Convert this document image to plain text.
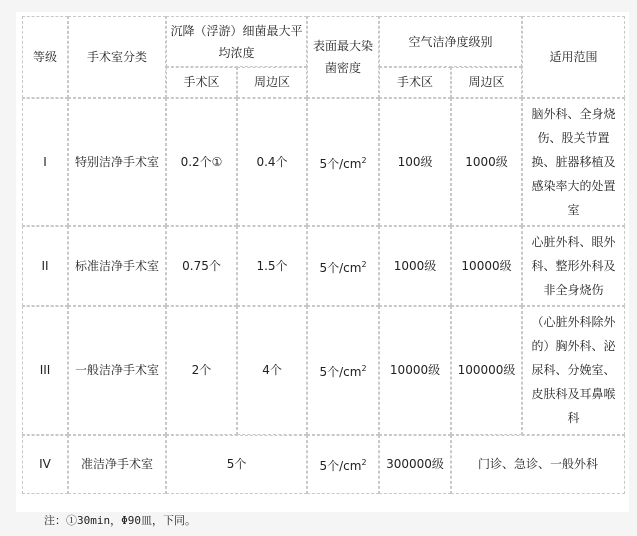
等级	手术室分类	沉降（浮游）细菌最大平均浓度		表面最大染菌密度	空气洁净度级别		适用范围
		手术区	周边区		手术区	周边区	
I	特别洁净手术室	0.2个①	0.4个	5个$/cm^2$	100级	1000级	脑外科、全身烧伤、股关节置换、脏器移植及感染率大的处置室
II	标准洁净手术室	0.75个	1.5个	5个$/cm^2$	1000级	10000级	心脏外科、眼外科、整形外科及非全身烧伤
III	一般洁净手术室	2个	4个	5个$/cm^2$	10000级	100000级	（心脏外科除外的）胸外科、泌尿科、分娩室、皮肤科及耳鼻喉科
IV	准洁净手术室	5个		5个$/cm^2$	300000级	门诊、急诊、一般外科	
注：①30min，Φ90皿，下同。
